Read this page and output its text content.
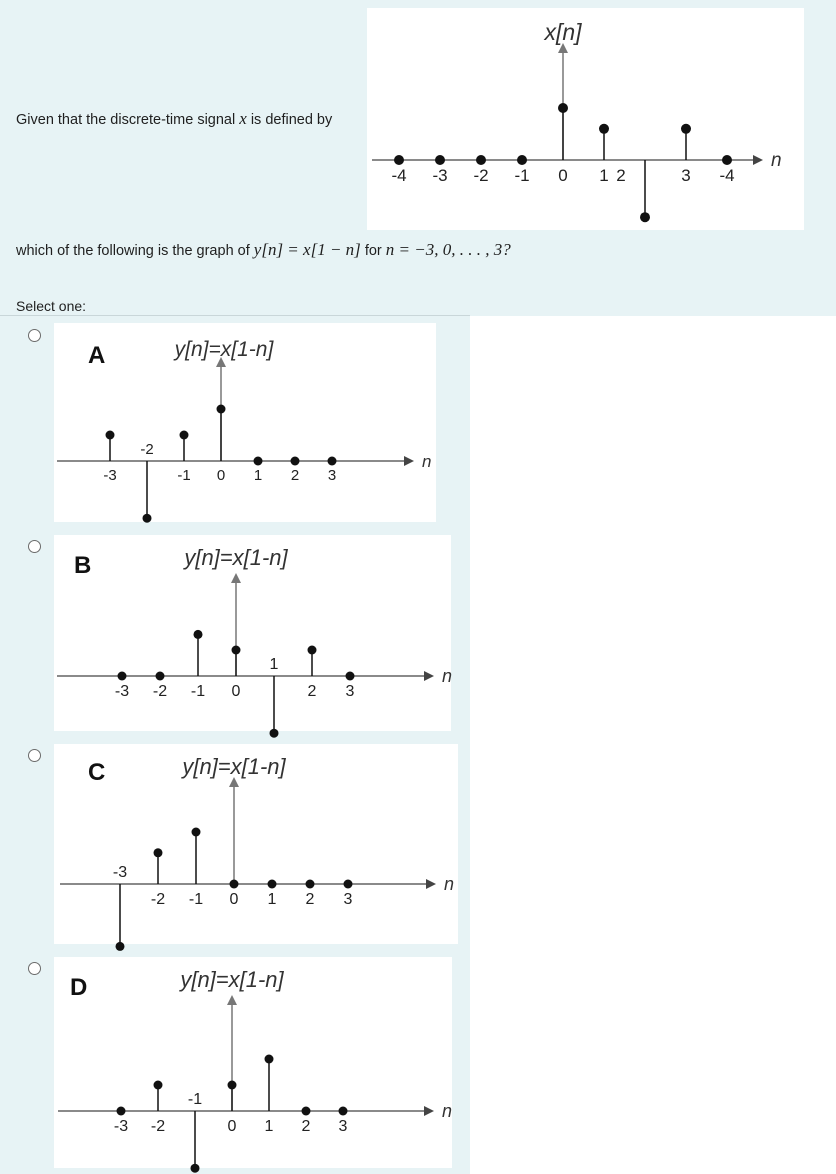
Given that the discrete-time signal x is defined by
n
x[n]
-4 -3 -2 -1 0 1 2	3 -4
which of the following is the graph of y[n] = x[1 − n] for n = −3, 0, . . . , 3?
Select one:
n
y[n]=x[1-n]
-3
-2
-1 0 1 2 3
A
n
y[n]=x[1-n]
-3 -2 -1 0
1
2 3
B
n
y[n]=x[1-n]
-3
-2 -1 0 1 2 3
C
n
y[n]=x[1-n]
-3 -2
-1
0 1 2 3
D
